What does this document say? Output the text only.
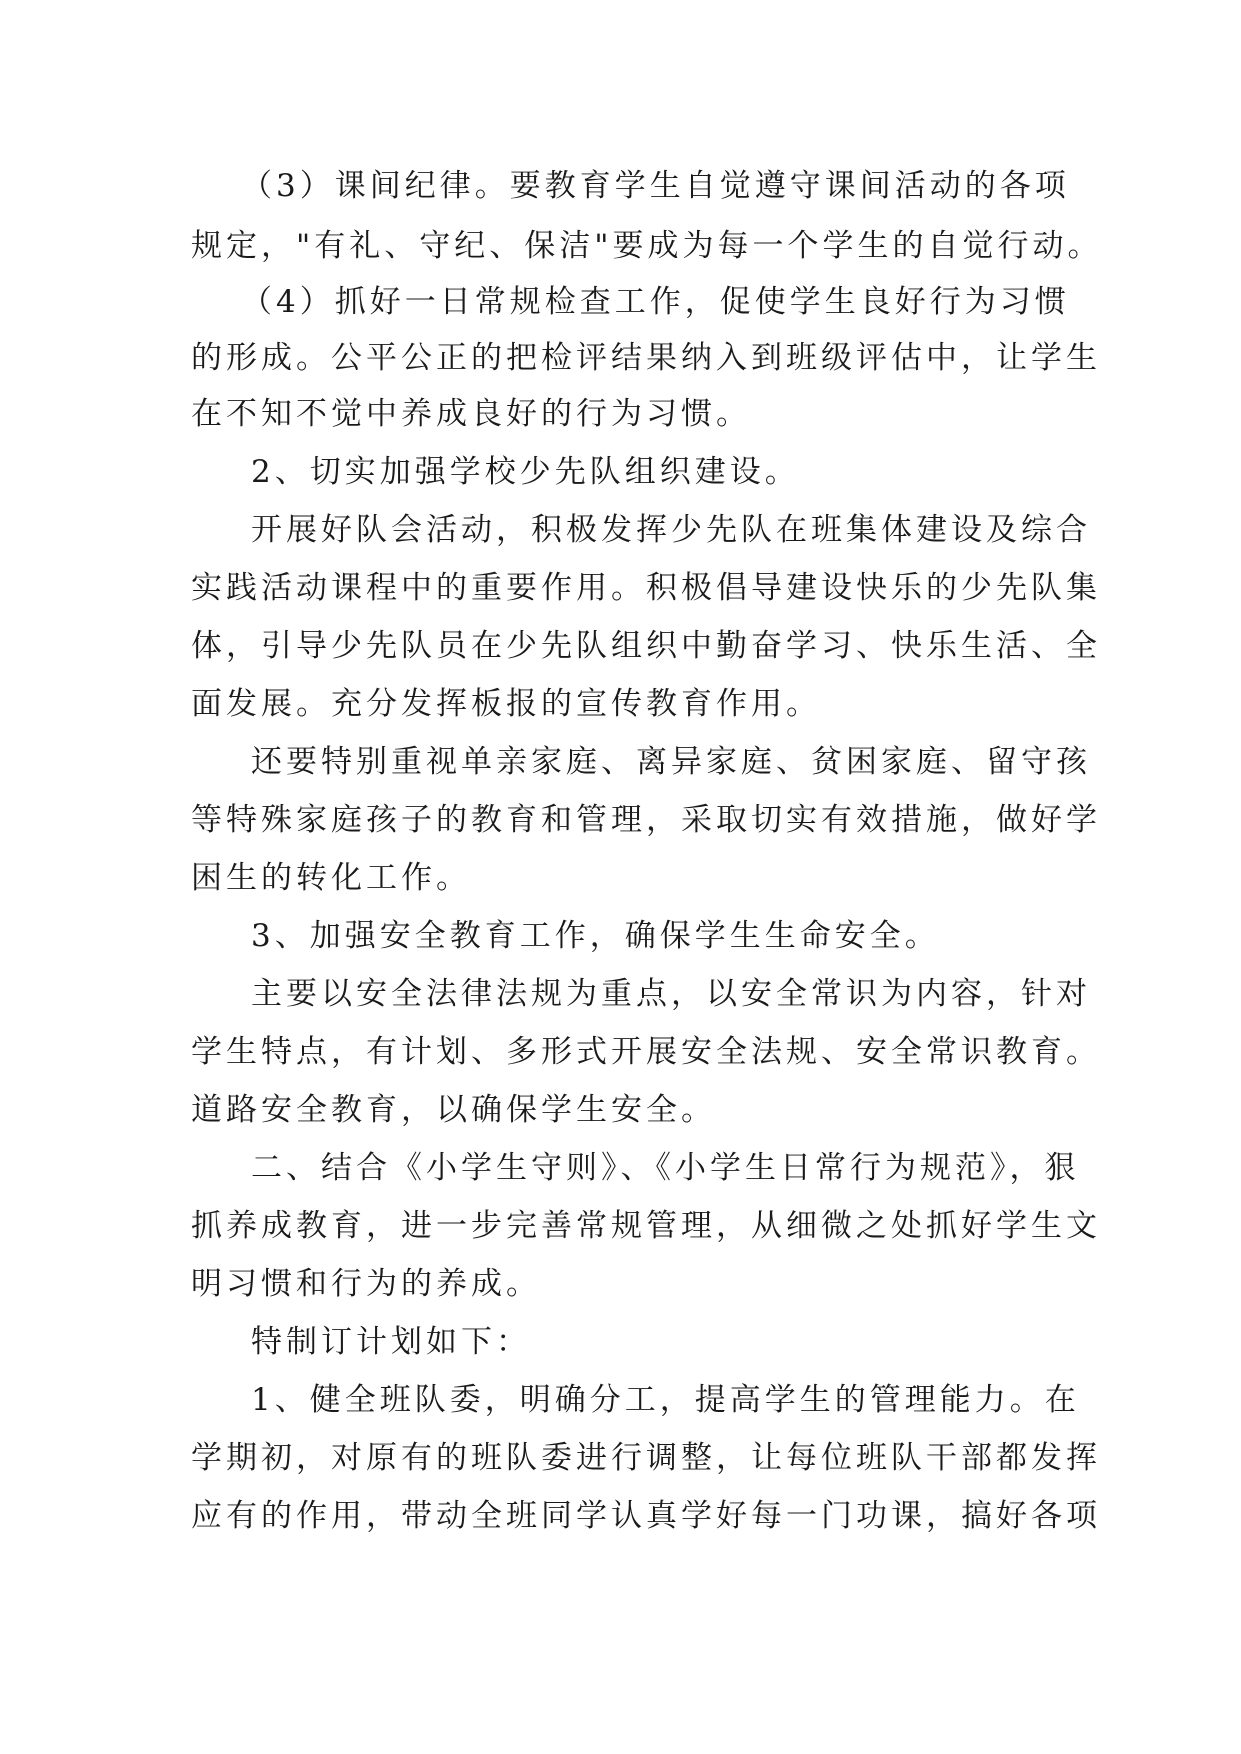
（3）课间纪律。要教育学生自觉遵守课间活动的各项
规定，"有礼、守纪、保洁"要成为每一个学生的自觉行动。
（4）抓好一日常规检查工作，促使学生良好行为习惯
的形成。公平公正的把检评结果纳入到班级评估中，让学生
在不知不觉中养成良好的行为习惯。
2、切实加强学校少先队组织建设。
开展好队会活动，积极发挥少先队在班集体建设及综合
实践活动课程中的重要作用。积极倡导建设快乐的少先队集
体，引导少先队员在少先队组织中勤奋学习、快乐生活、全
面发展。充分发挥板报的宣传教育作用。
还要特别重视单亲家庭、离异家庭、贫困家庭、留守孩
等特殊家庭孩子的教育和管理，采取切实有效措施，做好学
困生的转化工作。
3、加强安全教育工作，确保学生生命安全。
主要以安全法律法规为重点，以安全常识为内容，针对
学生特点，有计划、多形式开展安全法规、安全常识教育。
道路安全教育，以确保学生安全。
二、结合《小学生守则》、《小学生日常行为规范》，狠
抓养成教育，进一步完善常规管理，从细微之处抓好学生文
明习惯和行为的养成。
特制订计划如下：
1、健全班队委，明确分工，提高学生的管理能力。在
学期初，对原有的班队委进行调整，让每位班队干部都发挥
应有的作用，带动全班同学认真学好每一门功课，搞好各项
